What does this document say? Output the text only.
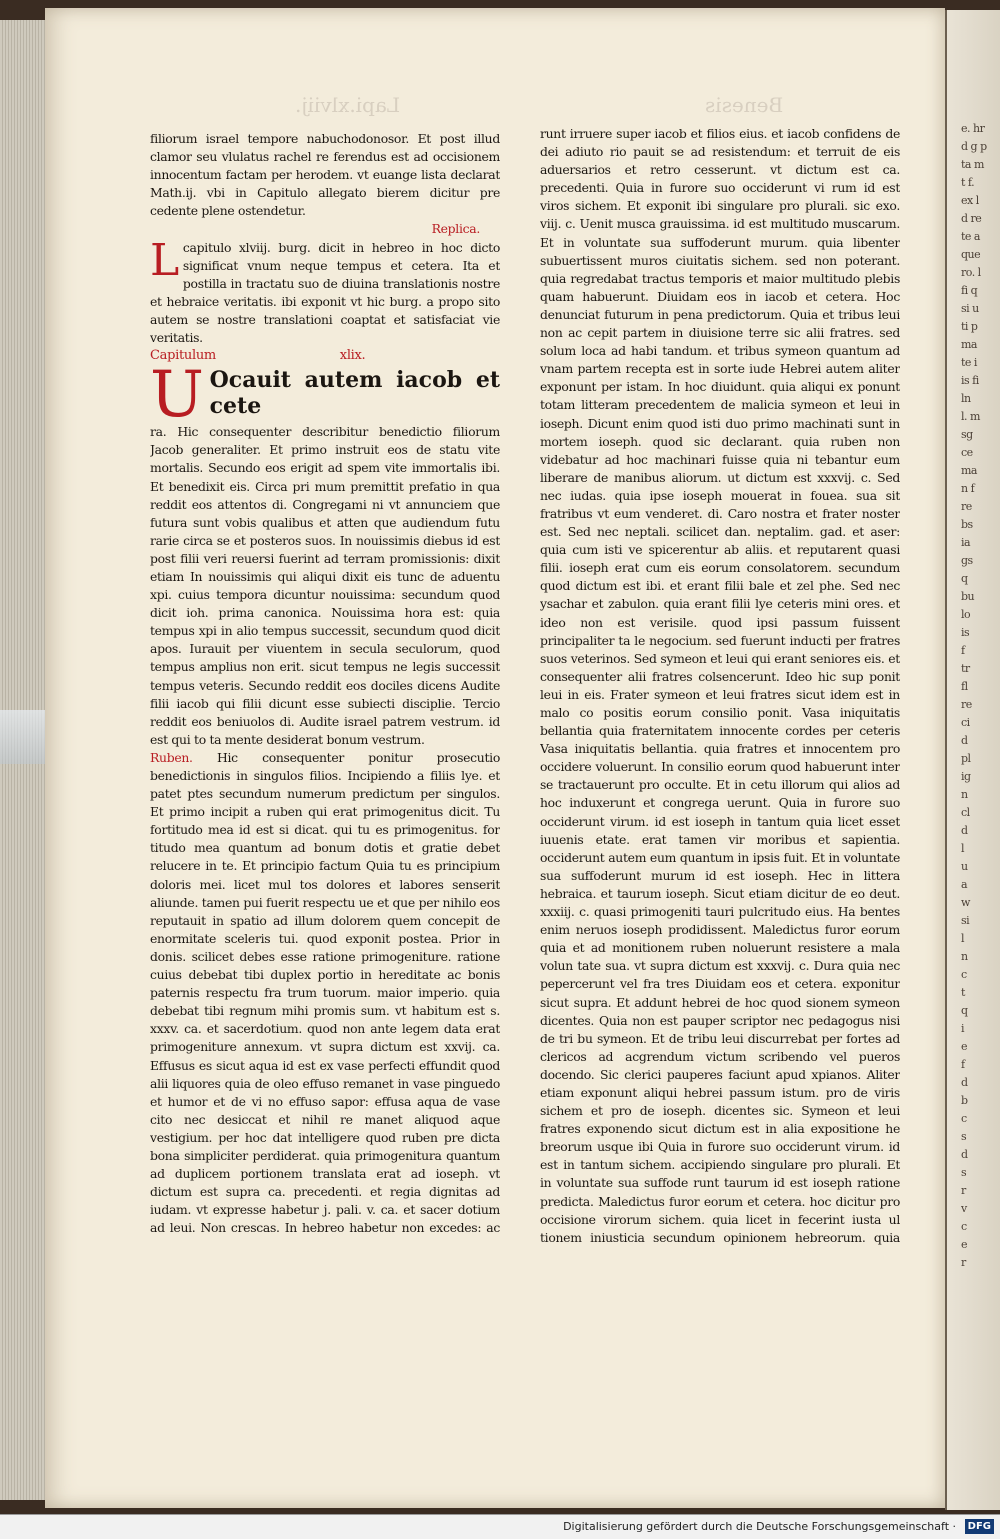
Lapi.xlviij.	Benesis

filiorum israel tempore nabuchodonosor. Et post illud clamor seu vlulatus rachel re ferendus est ad occisionem innocentum factam per herodem. vt euange lista declarat Math.ij. vbi in Capitulo allegato bierem dicitur pre cedente plene ostendetur.

Replica.

Lcapitulo xlviij. burg. dicit in hebreo in hoc dicto significat vnum neque tempus et cetera. Ita et postilla in tractatu suo de diuina translationis nostre et hebraice veritatis. ibi exponit vt hic burg. a propo sito autem se nostre translationi coaptat et satisfaciat vie veritatis.

Capitulum	xlix.

U Ocauit autem iacob et cete

ra. Hic consequenter describitur benedictio filiorum Jacob generaliter. Et primo instruit eos de statu vite mortalis. Secundo eos erigit ad spem vite immortalis ibi. Et benedixit eis. Circa pri mum premittit prefatio in qua reddit eos attentos di. Congregami ni vt annunciem que futura sunt vobis qualibus et atten que audiendum futu rarie circa se et posteros suos. In nouissimis diebus id est post filii veri reuersi fuerint ad terram promissionis: dixit etiam In nouissimis qui aliqui dixit eis tunc de aduentu xpi. cuius tempora dicuntur nouissima: secundum quod dicit ioh. prima canonica. Nouissima hora est: quia tempus xpi in alio tempus successit, secundum quod dicit apos. Iurauit per viuentem in secula seculorum, quod tempus amplius non erit. sicut tempus ne legis successit tempus veteris. Secundo reddit eos dociles dicens Audite filii iacob qui filii dicunt esse subiecti disciplie. Tercio reddit eos beniuolos di. Audite israel patrem vestrum. id est qui to ta mente desiderat bonum vestrum.

Ruben. Hic consequenter ponitur prosecutio benedictionis in singulos filios. Incipiendo a filiis lye. et patet ptes secundum numerum predictum per singulos. Et primo incipit a ruben qui erat primogenitus dicit. Tu fortitudo mea id est si dicat. qui tu es primogenitus. for titudo mea quantum ad bonum dotis et gratie debet relucere in te. Et principio factum Quia tu es principium doloris mei. licet mul tos dolores et labores senserit aliunde. tamen pui fuerit respectu ue et que per nihilo eos reputauit in spatio ad illum dolorem quem concepit de enormitate sceleris tui. quod exponit postea. Prior in donis. scilicet debes esse ratione primogeniture. ratione cuius debebat tibi duplex portio in hereditate ac bonis paternis respectu fra trum tuorum. maior imperio. quia debebat tibi regnum mihi promis sum. vt habitum est s. xxxv. ca. et sacerdotium. quod non ante legem data erat primogeniture annexum. vt supra dictum est xxvij. ca. Effusus es sicut aqua id est ex vase perfecti effundit quod alii liquores quia de oleo effuso remanet in vase pinguedo et humor et de vi no effuso sapor: effusa aqua de vase cito nec desiccat et nihil re manet aliquod aque vestigium. per hoc dat intelligere quod ruben pre dicta bona simpliciter perdiderat. quia primogenitura quantum ad duplicem portionem translata erat ad ioseph. vt dictum est supra ca. precedenti. et regia dignitas ad iudam. vt expresse habetur j. pali. v. ca. et sacer dotium ad leui. Non crescas. In hebreo habetur non excedes: ac

runt irruere super iacob et filios eius. et iacob confidens de dei adiuto rio pauit se ad resistendum: et terruit de eis aduersarios et retro cesserunt. vt dictum est ca. precedenti. Quia in furore suo occiderunt vi rum id est viros sichem. Et exponit ibi singulare pro plurali. sic exo. viij. c. Uenit musca grauissima. id est multitudo muscarum. Et in voluntate sua suffoderunt murum. quia libenter subuertissent muros ciuitatis sichem. sed non poterant. quia regredabat tractus temporis et maior multitudo plebis quam habuerunt. Diuidam eos in iacob et cetera. Hoc denunciat futurum in pena predictorum. Quia et tribus leui non ac cepit partem in diuisione terre sic alii fratres. sed solum loca ad habi tandum. et tribus symeon quantum ad vnam partem recepta est in sorte iude Hebrei autem aliter exponunt per istam. In hoc diuidunt. quia aliqui ex ponunt totam litteram precedentem de malicia symeon et leui in ioseph. Dicunt enim quod isti duo primo machinati sunt in mortem ioseph. quod sic declarant. quia ruben non videbatur ad hoc machinari fuisse quia ni tebantur eum liberare de manibus aliorum. ut dictum est xxxvij. c. Sed nec iudas. quia ipse ioseph mouerat in fouea. sua sit fratribus vt eum venderet. di. Caro nostra et frater noster est. Sed nec neptali. scilicet dan. neptalim. gad. et aser: quia cum isti ve spicerentur ab aliis. et reputarent quasi filii. ioseph erat cum eis eorum consolatorem. secundum quod dictum est ibi. et erant filii bale et zel phe. Sed nec ysachar et zabulon. quia erant filii lye ceteris mini ores. et ideo non est verisile. quod ipsi passum fuissent principaliter ta le negocium. sed fuerunt inducti per fratres suos veterinos. Sed symeon et leui qui erant seniores eis. et consequenter alii fratres colsencerunt. Ideo hic sup ponit leui in eis. Frater symeon et leui fratres sicut idem est in malo co positis eorum consilio ponit. Vasa iniquitatis bellantia quia fraternitatem innocente cordes per ceteris Vasa iniquitatis bellantia. quia fratres et innocentem pro occidere voluerunt. In consilio eorum quod habuerunt inter se tractauerunt pro occulte. Et in cetu illorum qui alios ad hoc induxerunt et congrega uerunt. Quia in furore suo occiderunt virum. id est ioseph in tantum quia licet esset iuuenis etate. erat tamen vir moribus et sapientia. occiderunt autem eum quantum in ipsis fuit. Et in voluntate sua suffoderunt murum id est ioseph. Hec in littera hebraica. et taurum ioseph. Sicut etiam dicitur de eo deut. xxxiij. c. quasi primogeniti tauri pulcritudo eius. Ha bentes enim neruos ioseph prodidissent. Maledictus furor eorum quia et ad monitionem ruben noluerunt resistere a mala volun tate sua. vt supra dictum est xxxvij. c. Dura quia nec pepercerunt vel fra tres Diuidam eos et cetera. exponitur sicut supra. Et addunt hebrei de hoc quod sionem symeon dicentes. Quia non est pauper scriptor nec pedagogus nisi de tri bu symeon. Et de tribu leui discurrebat per fortes ad clericos ad acgrendum victum scribendo vel pueros docendo. Sic clerici pauperes faciunt apud xpianos. Aliter etiam exponunt aliqui hebrei passum istum. pro de viris sichem et pro de ioseph. dicentes sic. Symeon et leui fratres exponendo sicut dictum est in alia expositione he breorum usque ibi Quia in furore suo occiderunt virum. id est in tantum sichem. accipiendo singulare pro plurali. Et in voluntate sua suffode runt taurum id est ioseph ratione predicta. Maledictus furor eorum et cetera. hoc dicitur pro occisione virorum sichem. quia licet in fecerint iusta ul tionem iniusticia secundum opinionem hebreorum. quia

e. hr
d g p
ta m
t f.
ex l
d re
te a
que
ro. l
fi q
si u
ti p
ma
te i
is fi
ln
l. m
sg
ce
ma
n f
re
bs
ia
gs
q
bu
lo
is
f
tr
fl
re
ci
d
pl
ig
n
cl
d
l
u
a
w
si
l
n
c
t
q
i
e
f
d
b
c
s
d
s
r
v
c
e
r
Digitalisierung gefördert durch die Deutsche Forschungsgemeinschaft ·	DFG
